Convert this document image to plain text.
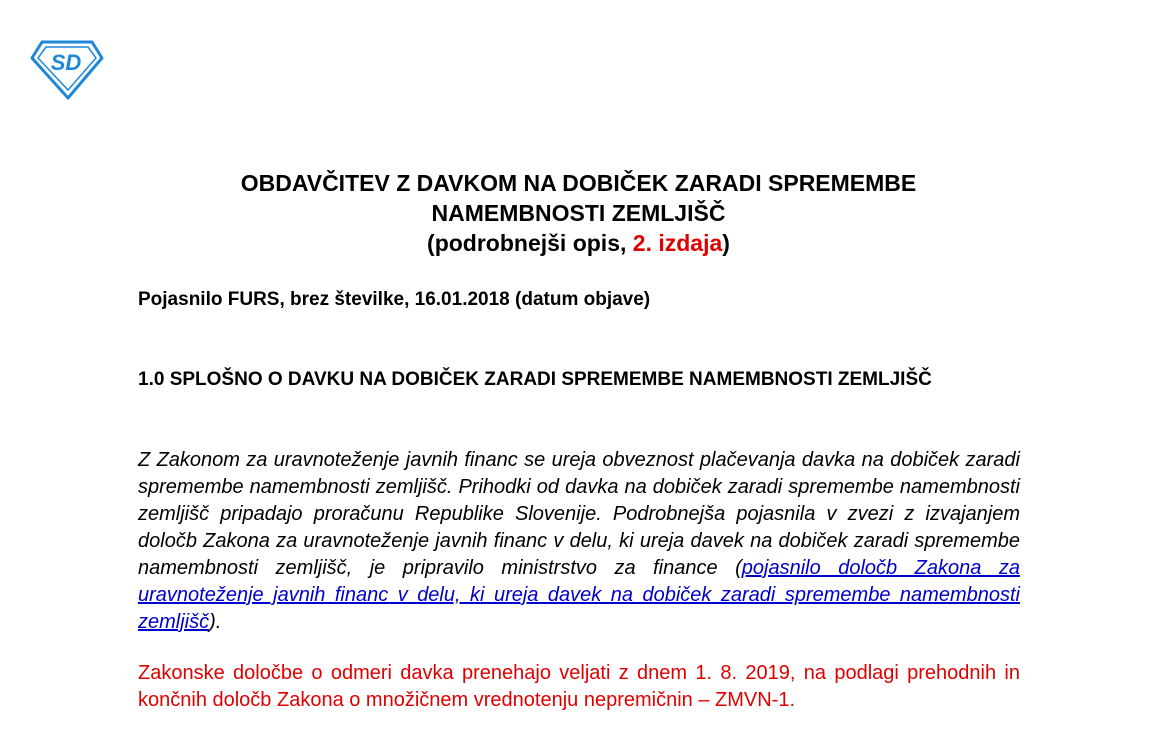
SD
OBDAVČITEV Z DAVKOM NA DOBIČEK ZARADI SPREMEMBE
NAMEMBNOSTI ZEMLJIŠČ
(podrobnejši opis, 2. izdaja)
Pojasnilo FURS, brez številke, 16.01.2018 (datum objave)
1.0 SPLOŠNO O DAVKU NA DOBIČEK ZARADI SPREMEMBE NAMEMBNOSTI ZEMLJIŠČ
Z Zakonom za uravnoteženje javnih financ se ureja obveznost plačevanja davka na dobiček zaradi spremembe namembnosti zemljišč. Prihodki od davka na dobiček zaradi spremembe namembnosti zemljišč pripadajo proračunu Republike Slovenije. Podrobnejša pojasnila v zvezi z izvajanjem določb Zakona za uravnoteženje javnih financ v delu, ki ureja davek na dobiček zaradi spremembe namembnosti zemljišč, je pripravilo ministrstvo za finance (pojasnilo določb Zakona za uravnoteženje javnih financ v delu, ki ureja davek na dobiček zaradi spremembe namembnosti zemljišč).
Zakonske določbe o odmeri davka prenehajo veljati z dnem 1. 8. 2019, na podlagi prehodnih in končnih določb Zakona o množičnem vrednotenju nepremičnin – ZMVN-1.
